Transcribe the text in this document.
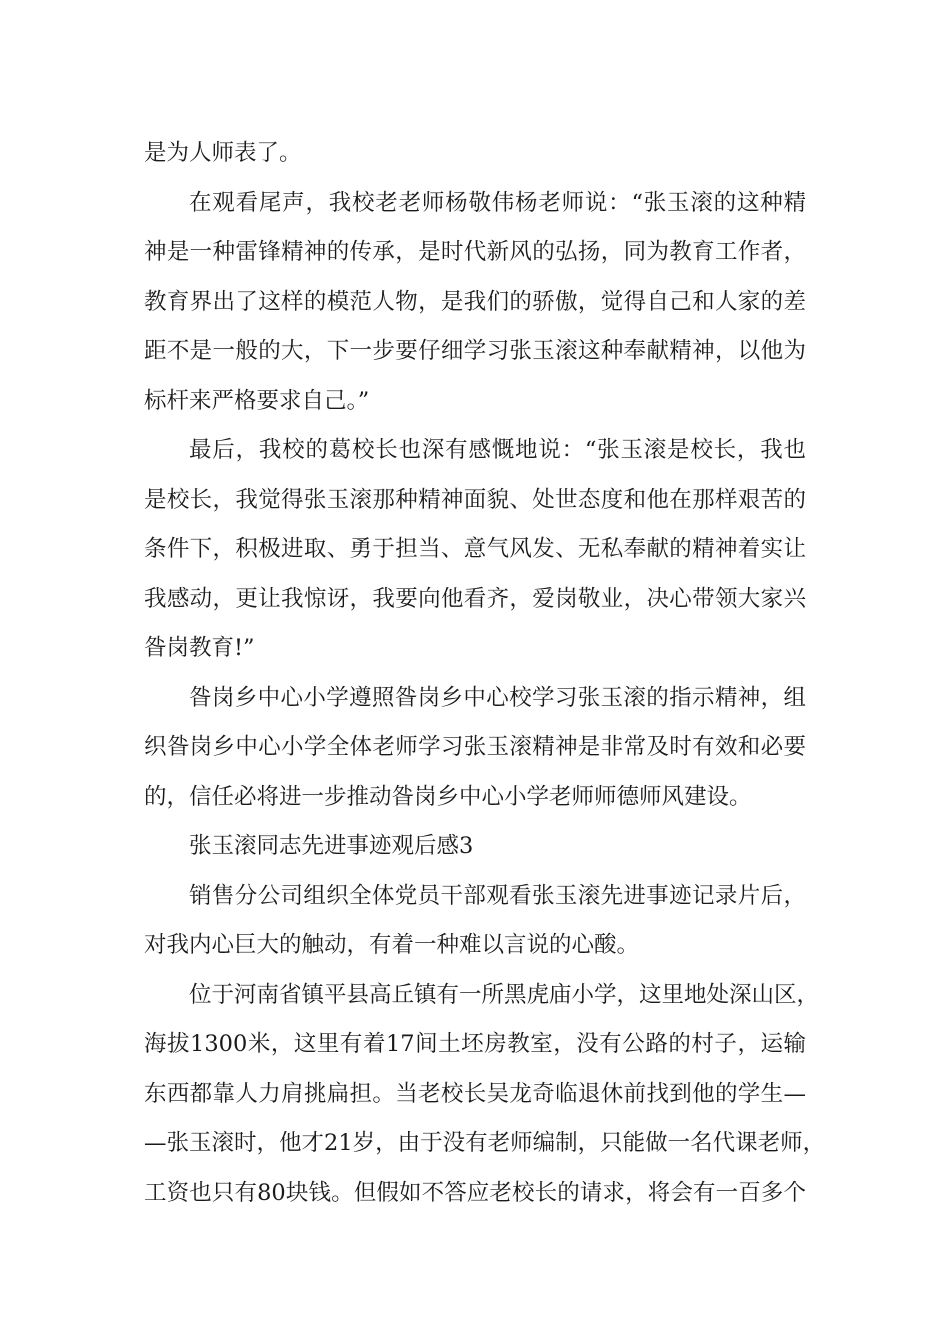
是为人师表了。
在观看尾声，我校老老师杨敬伟杨老师说：“张玉滚的这种精
神是一种雷锋精神的传承，是时代新风的弘扬，同为教育工作者，
教育界出了这样的模范人物，是我们的骄傲，觉得自己和人家的差
距不是一般的大，下一步要仔细学习张玉滚这种奉献精神，以他为
标杆来严格要求自己。”
最后，我校的葛校长也深有感慨地说：“张玉滚是校长，我也
是校长，我觉得张玉滚那种精神面貌、处世态度和他在那样艰苦的
条件下，积极进取、勇于担当、意气风发、无私奉献的精神着实让
我感动，更让我惊讶，我要向他看齐，爱岗敬业，决心带领大家兴
昝岗教育!”
昝岗乡中心小学遵照昝岗乡中心校学习张玉滚的指示精神，组
织昝岗乡中心小学全体老师学习张玉滚精神是非常及时有效和必要
的，信任必将进一步推动昝岗乡中心小学老师师德师风建设。
张玉滚同志先进事迹观后感3
销售分公司组织全体党员干部观看张玉滚先进事迹记录片后，
对我内心巨大的触动，有着一种难以言说的心酸。
位于河南省镇平县高丘镇有一所黑虎庙小学，这里地处深山区，
海拔1300米，这里有着17间土坯房教室，没有公路的村子，运输
东西都靠人力肩挑扁担。当老校长吴龙奇临退休前找到他的学生—
—张玉滚时，他才21岁，由于没有老师编制，只能做一名代课老师，
工资也只有80块钱。但假如不答应老校长的请求，将会有一百多个
